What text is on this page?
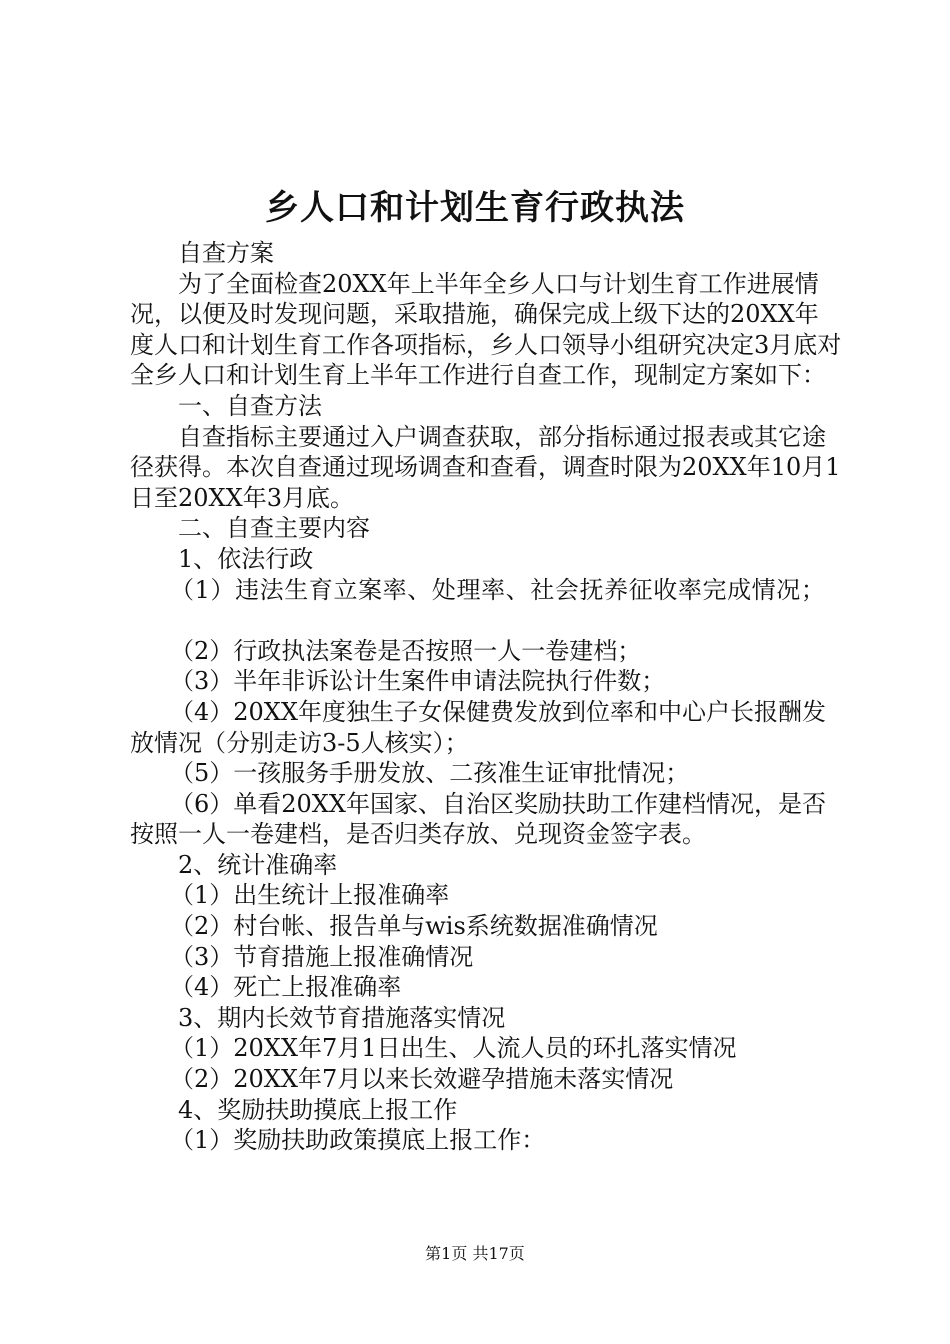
乡人口和计划生育行政执法

自查方案

为了全面检查20XX年上半年全乡人口与计划生育工作进展情况，以便及时发现问题，采取措施，确保完成上级下达的20XX年度人口和计划生育工作各项指标，乡人口领导小组研究决定3月底对全乡人口和计划生育上半年工作进行自查工作，现制定方案如下：

一、自查方法

自查指标主要通过入户调查获取，部分指标通过报表或其它途径获得。本次自查通过现场调查和查看，调查时限为20XX年10月1日至20XX年3月底。

二、自查主要内容

1、依法行政

（1）违法生育立案率、处理率、社会抚养征收率完成情况；

（2）行政执法案卷是否按照一人一卷建档；

（3）半年非诉讼计生案件申请法院执行件数；

（4）20XX年度独生子女保健费发放到位率和中心户长报酬发放情况（分别走访3-5人核实）；

（5）一孩服务手册发放、二孩准生证审批情况；

（6）单看20XX年国家、自治区奖励扶助工作建档情况，是否按照一人一卷建档，是否归类存放、兑现资金签字表。

2、统计准确率

（1）出生统计上报准确率

（2）村台帐、报告单与wis系统数据准确情况

（3）节育措施上报准确情况

（4）死亡上报准确率

3、期内长效节育措施落实情况

（1）20XX年7月1日出生、人流人员的环扎落实情况

（2）20XX年7月以来长效避孕措施未落实情况

4、奖励扶助摸底上报工作

（1）奖励扶助政策摸底上报工作：

第1页 共17页
